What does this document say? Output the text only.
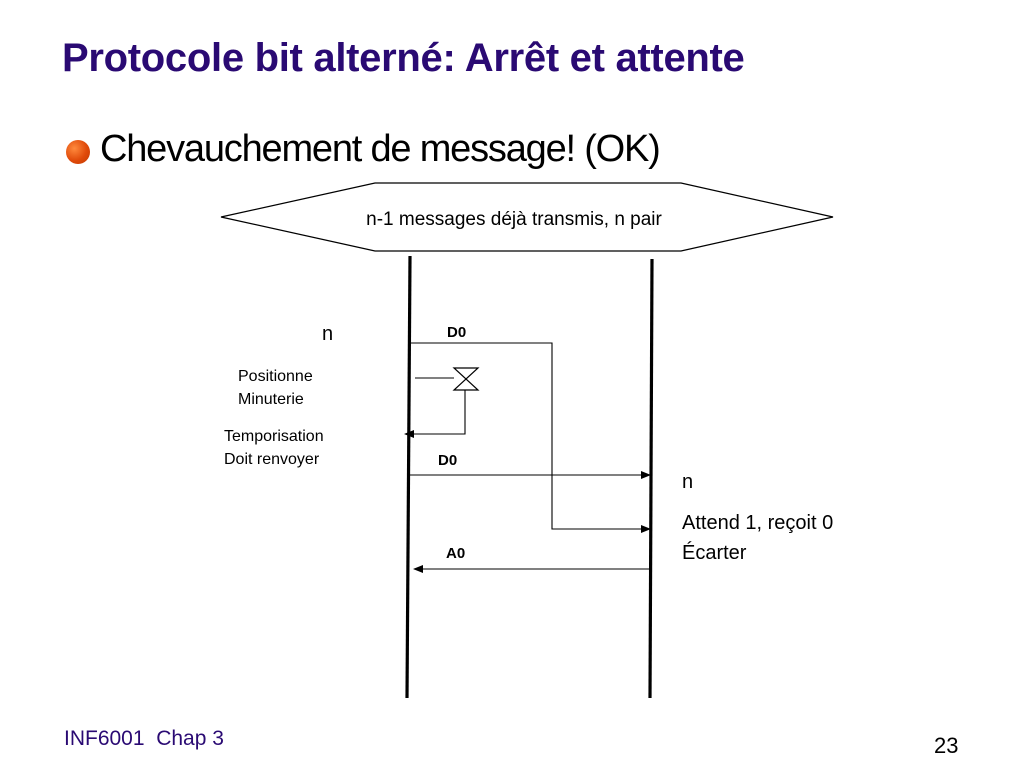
Protocole bit alterné: Arrêt et attente
Chevauchement de message! (OK)
n-1 messages déjà transmis, n pair
D0
D0
A0
n
Positionne
Minuterie
Temporisation
Doit renvoyer
n
Attend 1, reçoit 0
Écarter
INF6001  Chap 3	23
